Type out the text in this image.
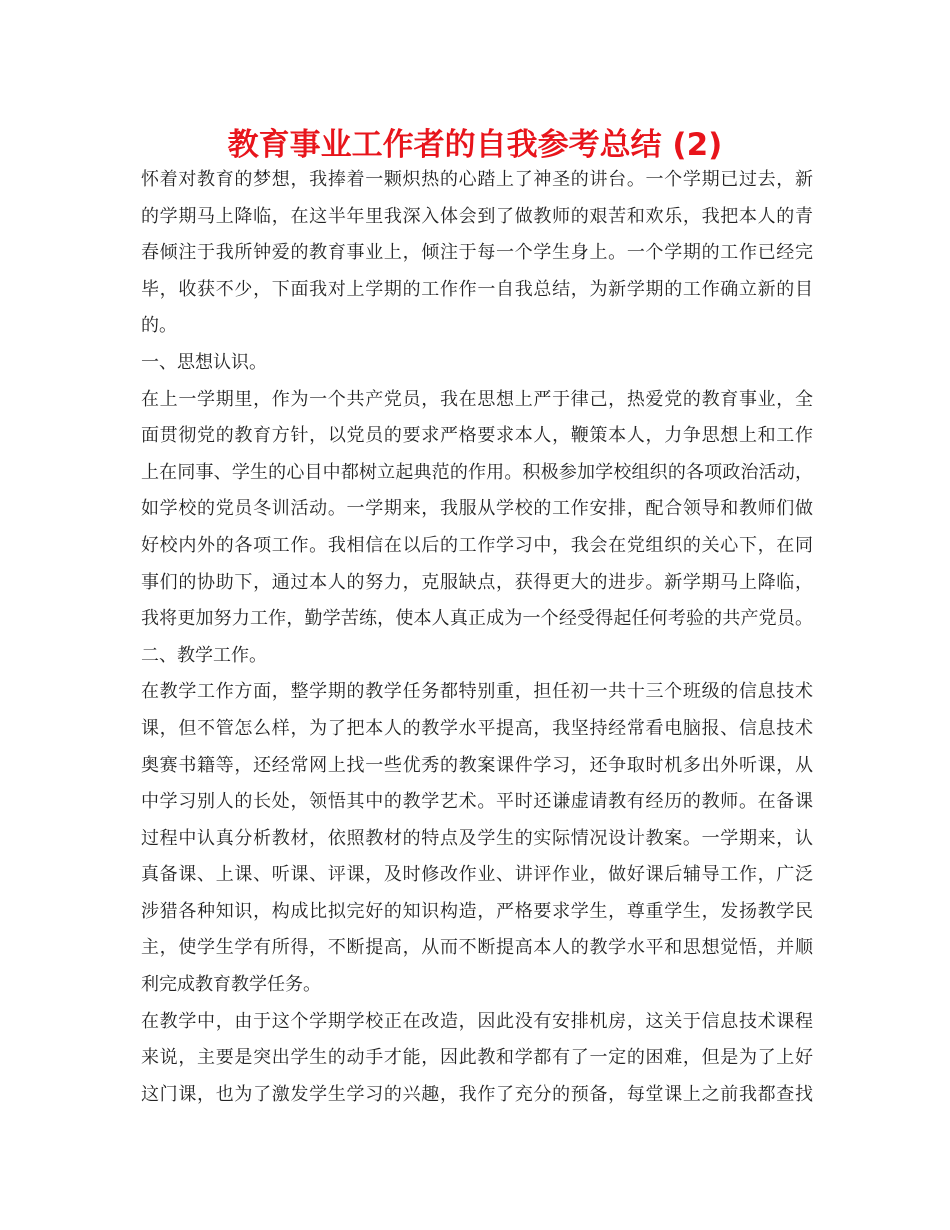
教育事业工作者的自我参考总结 (2)
怀着对教育的梦想，我捧着一颗炽热的心踏上了神圣的讲台。一个学期已过去，新
的学期马上降临，在这半年里我深入体会到了做教师的艰苦和欢乐，我把本人的青
春倾注于我所钟爱的教育事业上，倾注于每一个学生身上。一个学期的工作已经完
毕，收获不少，下面我对上学期的工作作一自我总结，为新学期的工作确立新的目
的。
一、思想认识。
在上一学期里，作为一个共产党员，我在思想上严于律己，热爱党的教育事业，全
面贯彻党的教育方针，以党员的要求严格要求本人，鞭策本人，力争思想上和工作
上在同事、学生的心目中都树立起典范的作用。积极参加学校组织的各项政治活动，
如学校的党员冬训活动。一学期来，我服从学校的工作安排，配合领导和教师们做
好校内外的各项工作。我相信在以后的工作学习中，我会在党组织的关心下，在同
事们的协助下，通过本人的努力，克服缺点，获得更大的进步。新学期马上降临，
我将更加努力工作，勤学苦练，使本人真正成为一个经受得起任何考验的共产党员。
二、教学工作。
在教学工作方面，整学期的教学任务都特别重，担任初一共十三个班级的信息技术
课，但不管怎么样，为了把本人的教学水平提高，我坚持经常看电脑报、信息技术
奥赛书籍等，还经常网上找一些优秀的教案课件学习，还争取时机多出外听课，从
中学习别人的长处，领悟其中的教学艺术。平时还谦虚请教有经历的教师。在备课
过程中认真分析教材，依照教材的特点及学生的实际情况设计教案。一学期来，认
真备课、上课、听课、评课，及时修改作业、讲评作业，做好课后辅导工作，广泛
涉猎各种知识，构成比拟完好的知识构造，严格要求学生，尊重学生，发扬教学民
主，使学生学有所得，不断提高，从而不断提高本人的教学水平和思想觉悟，并顺
利完成教育教学任务。
在教学中，由于这个学期学校正在改造，因此没有安排机房，这关于信息技术课程
来说，主要是突出学生的动手才能，因此教和学都有了一定的困难，但是为了上好
这门课，也为了激发学生学习的兴趣，我作了充分的预备，每堂课上之前我都查找
